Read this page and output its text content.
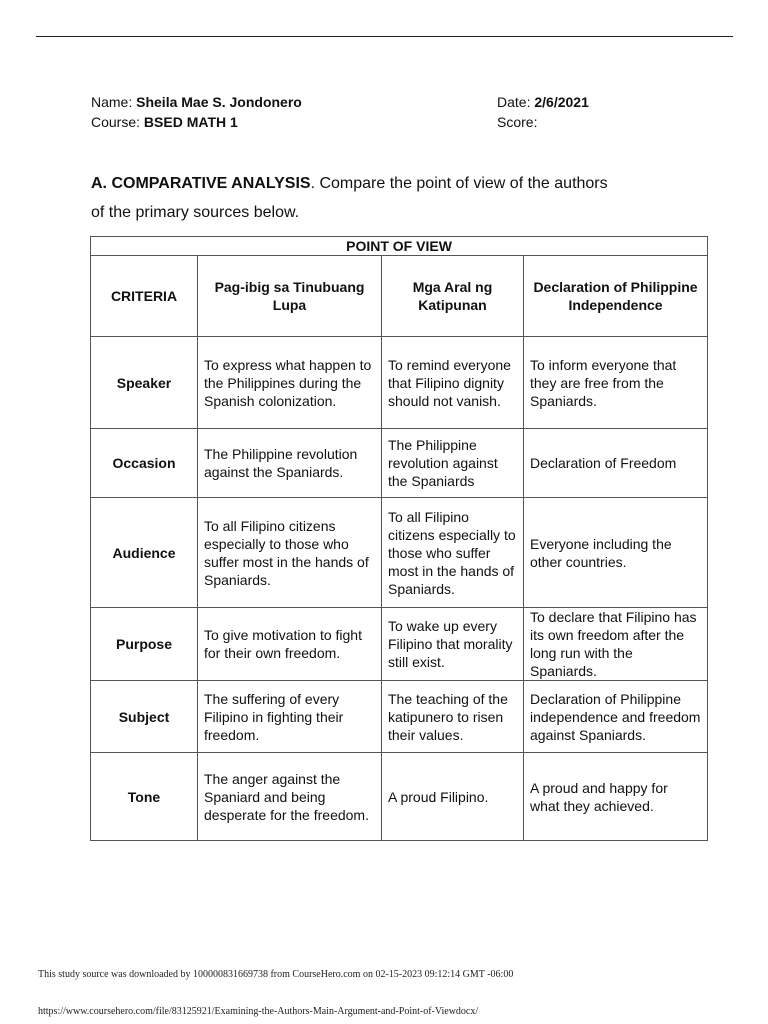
Name: Sheila Mae S. Jondonero
Course: BSED MATH 1
Date: 2/6/2021
Score:
A. COMPARATIVE ANALYSIS. Compare the point of view of the authors of the primary sources below.
POINT OF VIEW			
CRITERIA	Pag-ibig sa Tinubuang Lupa	Mga Aral ng Katipunan	Declaration of Philippine Independence
Speaker	To express what happen to the Philippines during the Spanish colonization.	To remind everyone that Filipino dignity should not vanish.	To inform everyone that they are free from the Spaniards.
Occasion	The Philippine revolution against the Spaniards.	The Philippine revolution against the Spaniards	Declaration of Freedom
Audience	To all Filipino citizens especially to those who suffer most in the hands of Spaniards.	To all Filipino citizens especially to those who suffer most in the hands of Spaniards.	Everyone including the other countries.
Purpose	To give motivation to fight for their own freedom.	To wake up every Filipino that morality still exist.	To declare that Filipino has its own freedom after the long run with the Spaniards.
Subject	The suffering of every Filipino in fighting their freedom.	The teaching of the katipunero to risen their values.	Declaration of Philippine independence and freedom against Spaniards.
Tone	The anger against the Spaniard and being desperate for the freedom.	A proud Filipino.	A proud and happy for what they achieved.
This study source was downloaded by 100000831669738 from CourseHero.com on 02-15-2023 09:12:14 GMT -06:00
https://www.coursehero.com/file/83125921/Examining-the-Authors-Main-Argument-and-Point-of-Viewdocx/
